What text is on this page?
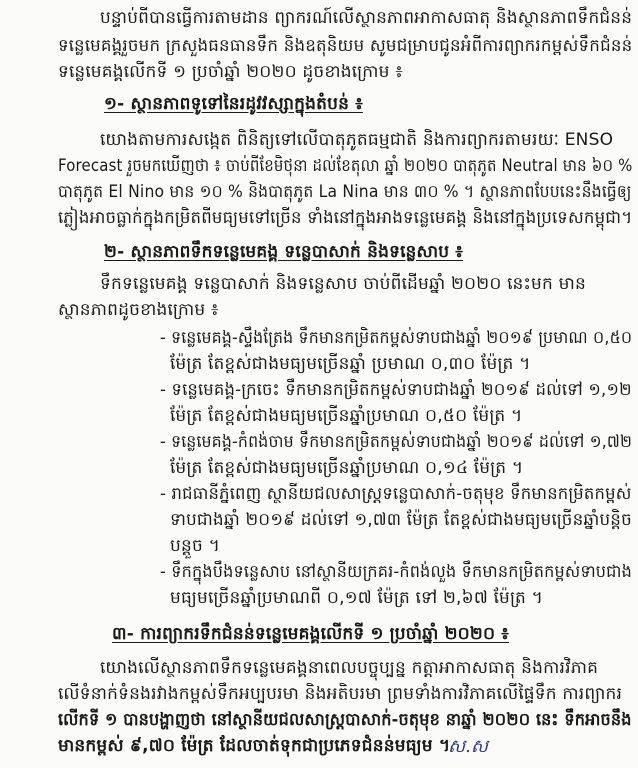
បន្ទាប់ពីបានធ្វើការតាមដាន ព្យាករណ៍លើស្ថានភាពអាកាសធាតុ និងស្ថានភាពទឹកជំនន់
ទន្លេមេគង្គរួចមក ក្រសួងធនធានទឹក និងឧតុនិយម សូមជម្រាបជូនអំពីការព្យាករកម្ពស់ទឹកជំនន់
ទន្លេមេគង្គលើកទី ១ ប្រចាំឆ្នាំ ២០២០ ដូចខាងក្រោម ៖
១- ស្ថានភាពទូទៅនៃរដូវវស្សាក្នុងតំបន់ ៖
យោងតាមការសង្កេត ពិនិត្យទៅលើបាតុភូតធម្មជាតិ និងការព្យាករតាមរយៈ ENSO
Forecast រួចមកឃើញថា ៖ ចាប់ពីខែមិថុនា ដល់ខែតុលា ឆ្នាំ ២០២០ បាតុភូត Neutral មាន ៦០ %
បាតុភូត El Nino មាន ១០ % និងបាតុភូត La Nina មាន ៣០ % ។ ស្ថានភាពបែបនេះនឹងធ្វើឲ្យ
ភ្លៀងអាចធ្លាក់ក្នុងកម្រិតពីមធ្យមទៅច្រើន ទាំងនៅក្នុងអាងទន្លេមេគង្គ និងនៅក្នុងប្រទេសកម្ពុជា។
២- ស្ថានភាពទឹកទន្លេមេគង្គ ទន្លេបាសាក់ និងទន្លេសាប ៖
ទឹកទន្លេមេគង្គ ទន្លេបាសាក់ និងទន្លេសាប ចាប់ពីដើមឆ្នាំ ២០២០ នេះមក មាន
ស្ថានភាពដូចខាងក្រោម ៖
- ទន្លេមេគង្គ-ស្ទឹងត្រែង ទឹកមានកម្រិតកម្ពស់ទាបជាងឆ្នាំ ២០១៩ ប្រមាណ ០,៥០
ម៉ែត្រ តែខ្ពស់ជាងមធ្យមច្រើនឆ្នាំ ប្រមាណ ០,៣០ ម៉ែត្រ ។
- ទន្លេមេគង្គ-ក្រចេះ ទឹកមានកម្រិតកម្ពស់ទាបជាងឆ្នាំ ២០១៩ ដល់ទៅ ១,១២
ម៉ែត្រ តែខ្ពស់ជាងមធ្យមច្រើនឆ្នាំប្រមាណ ០,៥០ ម៉ែត្រ ។
- ទន្លេមេគង្គ-កំពង់ចាម ទឹកមានកម្រិតកម្ពស់ទាបជាងឆ្នាំ ២០១៩ ដល់ទៅ ១,៧២
ម៉ែត្រ តែខ្ពស់ជាងមធ្យមច្រើនឆ្នាំប្រមាណ ០,១៤ ម៉ែត្រ ។
- រាជធានីភ្នំពេញ ស្ថានីយជលសាស្ត្រទន្លេបាសាក់-ចតុមុខ ទឹកមានកម្រិតកម្ពស់
ទាបជាងឆ្នាំ ២០១៩ ដល់ទៅ ១,៧៣ ម៉ែត្រ តែខ្ពស់ជាងមធ្យមច្រើនឆ្នាំបន្តិច
បន្តួច ។
- ទឹកក្នុងបឹងទន្លេសាប នៅស្ថានីយក្រគរ-កំពង់លួង ទឹកមានកម្រិតកម្ពស់ទាបជាង
មធ្យមច្រើនឆ្នាំប្រមាណពី ០,១៧ ម៉ែត្រ ទៅ ២,៦៧ ម៉ែត្រ ។
៣- ការព្យាករទឹកជំនន់ទន្លេមេគង្គលើកទី ១ ប្រចាំឆ្នាំ ២០២០ ៖
យោងលើស្ថានភាពទឹកទន្លេមេគង្គនាពេលបច្ចុប្បន្ន កត្តាអាកាសធាតុ និងការវិភាគ
លើទំនាក់ទំនងរវាងកម្ពស់ទឹកអប្បបរមា និងអតិបរមា ព្រមទាំងការវិភាគលើផ្ទៃទឹក ការព្យាករ
លើកទី ១ បានបង្ហាញថា នៅស្ថានីយជលសាស្ត្របាសាក់-ចតុមុខ នាឆ្នាំ ២០២០ នេះ ទឹកអាចនឹង
មានកម្ពស់ ៩,៧០ ម៉ែត្រ ដែលចាត់ទុកជាប្រភេទជំនន់មធ្យម ។
ស.ស
